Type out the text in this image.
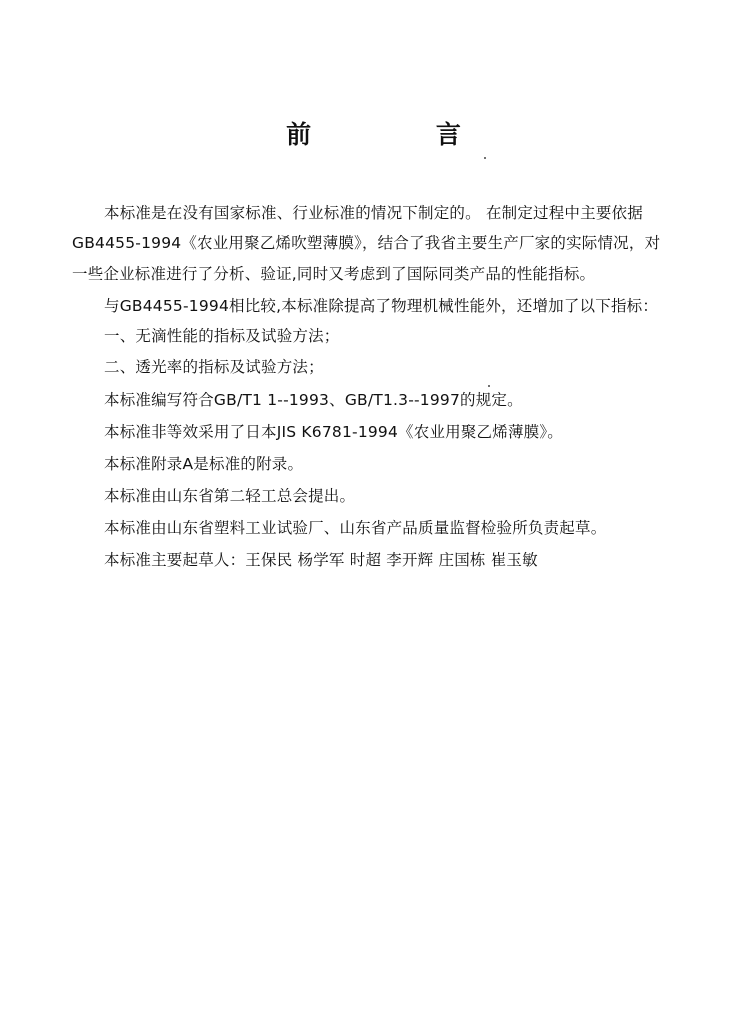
前 言
本标准是在没有国家标准、行业标准的情况下制定的。 在制定过程中主要依据
GB4455-1994《农业用聚乙烯吹塑薄膜》，结合了我省主要生产厂家的实际情况，对
一些企业标准进行了分析、验证,同时又考虑到了国际同类产品的性能指标。
与GB4455-1994相比较,本标准除提高了物理机械性能外，还增加了以下指标：
一、无滴性能的指标及试验方法；
二、透光率的指标及试验方法；
本标准编写符合GB/T1 1--1993、GB/T1.3--1997的规定。
本标准非等效采用了日本JIS K6781-1994《农业用聚乙烯薄膜》。
本标准附录A是标准的附录。
本标准由山东省第二轻工总会提出。
本标准由山东省塑料工业试验厂、山东省产品质量监督检验所负责起草。
本标准主要起草人：王保民 杨学军 时超 李开辉 庄国栋 崔玉敏
